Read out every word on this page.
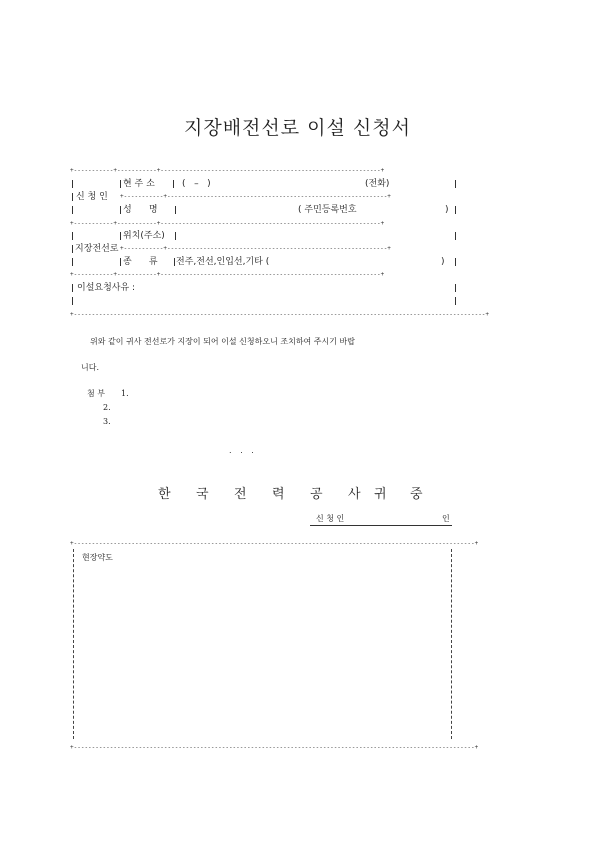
지장배전선로 이설 신청서
+-----------+-----------+-------------------------------------------------------------+
현 주 소	(   –   )	(전화)
신 청 인 +-----------+-------------------------------------------------------------+
성      명	( 주민등록번호	)
+-----------+-----------+-------------------------------------------------------------+
위치(주소)
지장전선로 +-----------+-------------------------------------------------------------+
종      류 전주,전선,인입선,기타 (	)
+-----------+-----------+-------------------------------------------------------------+
이설요청사유 :
+------------------------------------------------------------------------------------------------------------------+
위와 같이 귀사 전선로가 지장이 되어 이설 신청하오니 조치하여 주시기 바랍
니다.
첨 부 1.
2.
3.
. . .
한 국 전 력 공 사 귀 중
신 청 인	인
+---------------------------------------------------------------------------------------------------------------+
현장약도
+---------------------------------------------------------------------------------------------------------------+
